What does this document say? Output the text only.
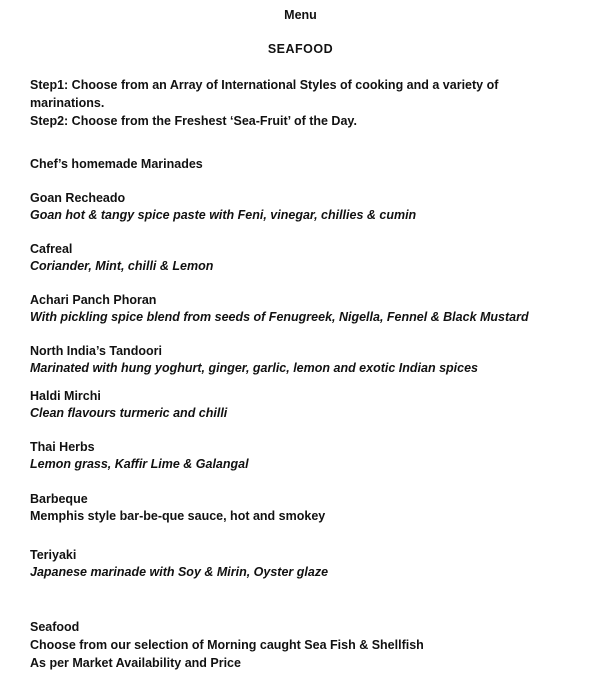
Menu
SEAFOOD
Step1: Choose from an Array of International Styles of cooking and a variety of marinations.
Step2: Choose from the Freshest ‘Sea-Fruit’ of the Day.
Chef’s homemade Marinades
Goan Recheado
Goan hot & tangy spice paste with Feni, vinegar, chillies & cumin
Cafreal
Coriander, Mint, chilli & Lemon
Achari Panch Phoran
With pickling spice blend from seeds of Fenugreek, Nigella, Fennel & Black Mustard
North India’s Tandoori
Marinated with hung yoghurt, ginger, garlic, lemon and exotic Indian spices
Haldi Mirchi
Clean flavours turmeric and chilli
Thai Herbs
Lemon grass, Kaffir Lime & Galangal
Barbeque
Memphis style bar-be-que sauce, hot and smokey
Teriyaki
Japanese marinade with Soy & Mirin, Oyster glaze
Seafood
Choose from our selection of Morning caught Sea Fish & Shellfish
As per Market Availability and Price
